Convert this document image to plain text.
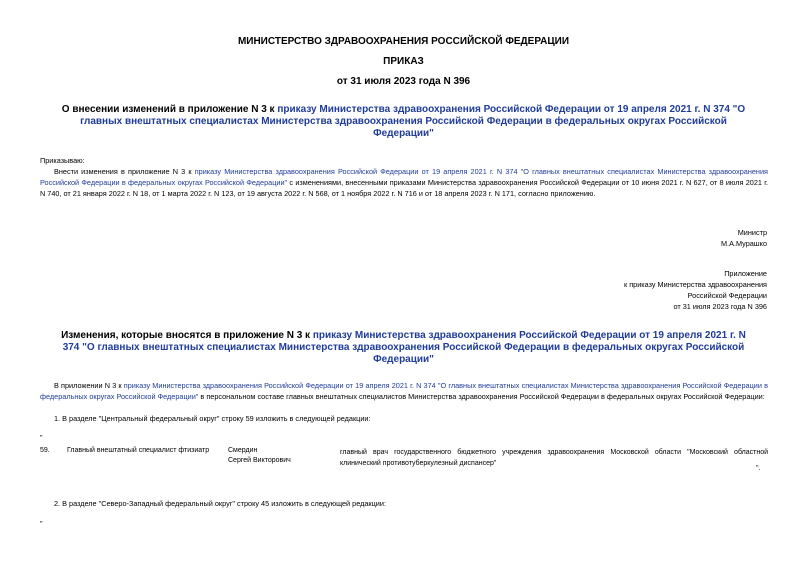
МИНИСТЕРСТВО ЗДРАВООХРАНЕНИЯ РОССИЙСКОЙ ФЕДЕРАЦИИ
ПРИКАЗ
от 31 июля 2023 года N 396
О внесении изменений в приложение N 3 к приказу Министерства здравоохранения Российской Федерации от 19 апреля 2021 г. N 374 "О главных внештатных специалистах Министерства здравоохранения Российской Федерации в федеральных округах Российской Федерации"
Приказываю:
Внести изменения в приложение N 3 к приказу Министерства здравоохранения Российской Федерации от 19 апреля 2021 г. N 374 "О главных внештатных специалистах Министерства здравоохранения Российской Федерации в федеральных округах Российской Федерации" с изменениями, внесенными приказами Министерства здравоохранения Российской Федерации от 10 июня 2021 г. N 627, от 8 июля 2021 г. N 740, от 21 января 2022 г. N 18, от 1 марта 2022 г. N 123, от 19 августа 2022 г. N 568, от 1 ноября 2022 г. N 716 и от 18 апреля 2023 г. N 171, согласно приложению.
Министр
М.А.Мурашко
Приложение
к приказу Министерства здравоохранения
Российской Федерации
от 31 июля 2023 года N 396
Изменения, которые вносятся в приложение N 3 к приказу Министерства здравоохранения Российской Федерации от 19 апреля 2021 г. N 374 "О главных внештатных специалистах Министерства здравоохранения Российской Федерации в федеральных округах Российской Федерации"
В приложении N 3 к приказу Министерства здравоохранения Российской Федерации от 19 апреля 2021 г. N 374 "О главных внештатных специалистах Министерства здравоохранения Российской Федерации в федеральных округах Российской Федерации" в персональном составе главных внештатных специалистов Министерства здравоохранения Российской Федерации в федеральных округах Российской Федерации:
1. В разделе "Центральный федеральный округ" строку 59 изложить в следующей редакции:
"
59. Главный внештатный специалист фтизиатр	Смердин
Сергей Викторович
главный врач государственного бюджетного учреждения здравоохранения Московской области "Московский областной клинический противотуберкулезный диспансер"
".
2. В разделе "Северо-Западный федеральный округ" строку 45 изложить в следующей редакции:
"
